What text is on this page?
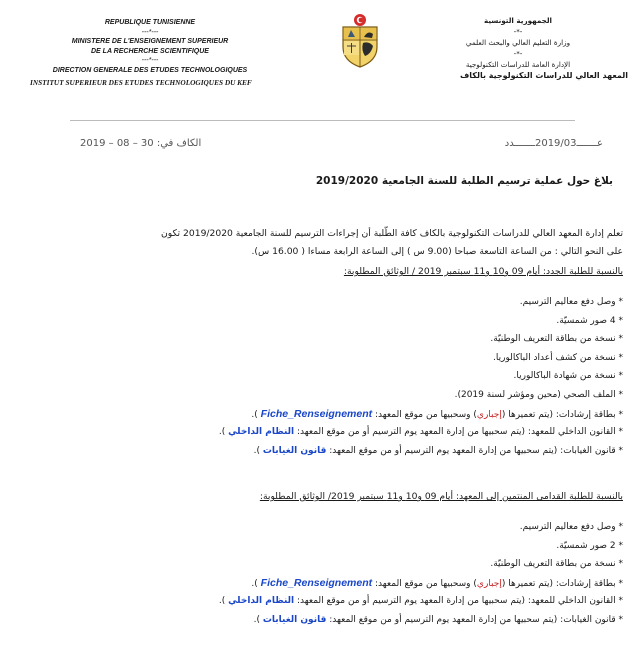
REPUBLIQUE TUNISIENNE
---*---
MINISTERE DE L'ENSEIGNEMENT SUPERIEUR
DE LA RECHERCHE SCIENTIFIQUE
---*---
DIRECTION GENERALE DES ETUDES TECHNOLOGIQUES
INSTITUT SUPERIEUR DES ETUDES TECHNOLOGIQUES DU KEF
الجمهورية التونسية
-*-
وزارة التعليم العالي والبحث العلمي
-*-
الإدارة العامة للدراسات التكنولوجية
المعهد العالي للدراسات التكنولوجية بالكاف
الكاف في: 30 – 08 – 2019	عـــــــ2019/03ـــــــدد
بلاغ حول عملية ترسيم الطلبة للسنة الجامعية 2019/2020
تعلم إدارة المعهد العالي للدراسات التكنولوجية بالكاف كافة الطّلبة أن إجراءات الترسيم للسنة الجامعية 2019/2020 تكون
على النحو التالي : من الساعة التاسعة صباحا (9.00 س ) إلى الساعة الرابعة مساءا ( 16.00 س).
بالنسبة للطلبة الجدد: أيام 09 و10 و11 سبتمبر 2019 / الوثائق المطلوبة:
* وصل دفع معاليم الترسيم.
* 4 صور شمسيّة.
* نسخة من بطاقة التعريف الوطنيّة.
* نسخة من كشف أعداد الباكالوريا.
* نسخة من شهادة الباكالوريا.
* الملف الصحي (محين ومؤشر لسنة 2019).
* بطاقة إرشادات: (يتم تعميرها (إجباري) وسحبيها من موقع المعهد: Fiche_Renseignement ).
* القانون الداخلي للمعهد: (يتم سحبيها من إدارة المعهد يوم الترسيم أو من موقع المعهد: النظام الداخلي ).
* قانون الغيابات: (يتم سحبيها من إدارة المعهد يوم الترسيم أو من موقع المعهد: قانون الغيابات ).
بالنسبة للطلبة القدامى المنتمين إلى المعهد: أيام 09 و10 و11 سبتمبر 2019/ الوثائق المطلوبة:
* وصل دفع معاليم الترسيم.
* 2 صور شمسيّة.
* نسخة من بطاقة التعريف الوطنيّة.
* بطاقة إرشادات: (يتم تعميرها (إجباري) وسحبيها من موقع المعهد: Fiche_Renseignement ).
* القانون الداخلي للمعهد: (يتم سحبيها من إدارة المعهد يوم الترسيم أو من موقع المعهد: النظام الداخلي ).
* قانون الغيابات: (يتم سحبيها من إدارة المعهد يوم الترسيم أو من موقع المعهد: قانون الغيابات ).
